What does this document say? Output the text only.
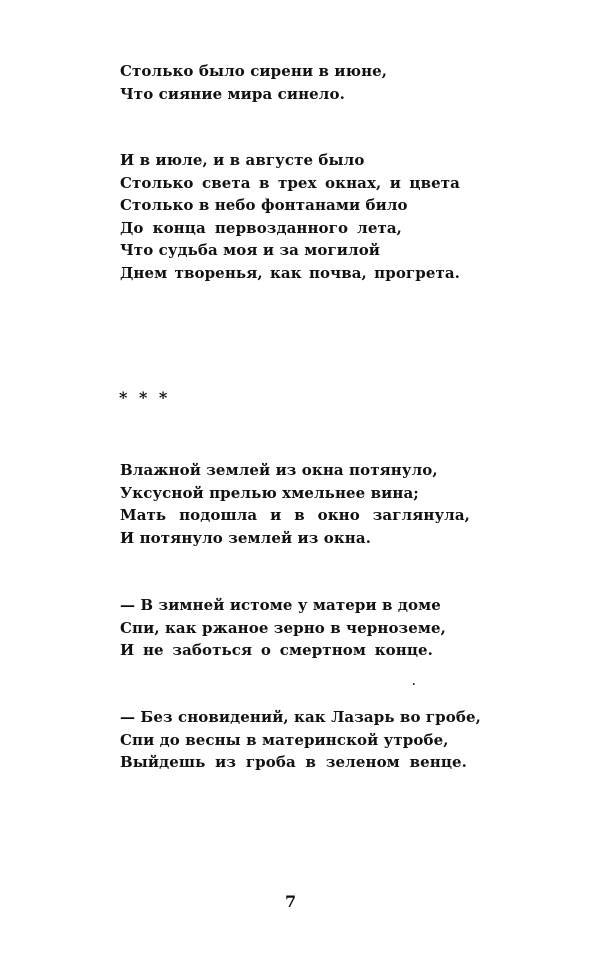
Столько было сирени в июне,
Что сияние мира синело.
И в июле, и в августе было
Столько света в трех окнах, и цвета
Столько в небо фонтанами било
До конца первозданного лета,
Что судьба моя и за могилой
Днем творенья, как почва, прогрета.
* * *
Влажной землей из окна потянуло,
Уксусной прелью хмельнее вина;
Мать подошла и в окно заглянула,
И потянуло землей из окна.
— В зимней истоме у матери в доме
Спи, как ржаное зерно в черноземе,
И не заботься о смертном конце.
.
— Без сновидений, как Лазарь во гробе,
Спи до весны в материнской утробе,
Выйдешь из гроба в зеленом венце.
7
